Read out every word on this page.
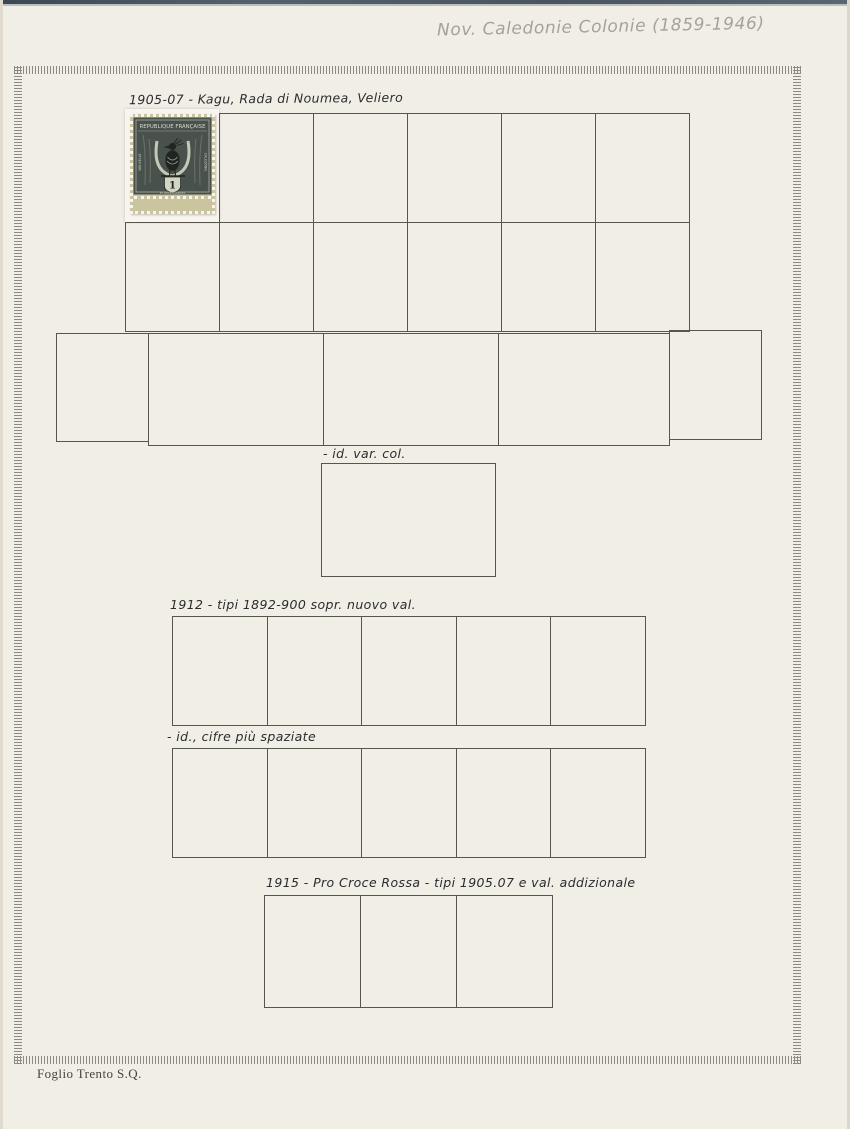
Nov. Caledonie Colonie (1859-1946)
1905-07 - Kagu, Rada di Noumea, Veliero
- id. var. col.
1912 - tipi 1892-900 sopr. nuovo val.
- id., cifre più spaziate
1915 - Pro Croce Rossa - tipi 1905.07 e val. addizionale
REPUBLIQUE FRANÇAISE
NOUVELLE	CALEDONIE
1
ET DEPENDANCES
Foglio Trento S.Q.
